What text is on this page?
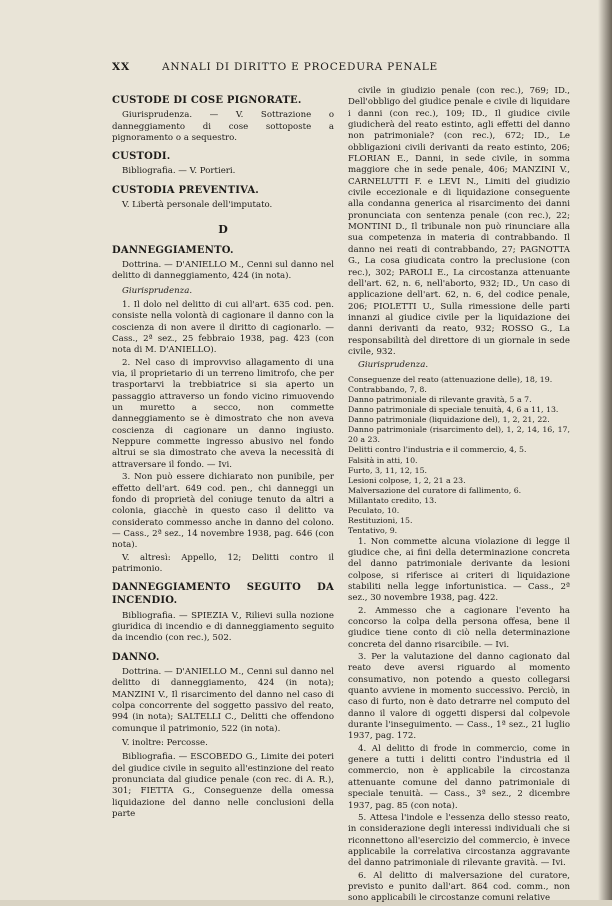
XX	ANNALI DI DIRITTO E PROCEDURA PENALE
CUSTODE DI COSE PIGNORATE.
Giurisprudenza. — V. Sottrazione o danneggiamento di cose sottoposte a pignoramento o a sequestro.
CUSTODI.
Bibliografia. — V. Portieri.
CUSTODIA PREVENTIVA.
V. Libertà personale dell'imputato.
D
DANNEGGIAMENTO.
Dottrina. — D'ANIELLO M., Cenni sul danno nel delitto di danneggiamento, 424 (in nota).
Giurisprudenza.
1. Il dolo nel delitto di cui all'art. 635 cod. pen. consiste nella volontà di cagionare il danno con la coscienza di non avere il diritto di cagionarlo. — Cass., 2ª sez., 25 febbraio 1938, pag. 423 (con nota di M. D'ANIELLO).
2. Nel caso di improvviso allagamento di una via, il proprietario di un terreno limitrofo, che per trasportarvi la trebbiatrice si sia aperto un passaggio attraverso un fondo vicino rimuovendo un muretto a secco, non commette danneggiamento se è dimostrato che non aveva coscienza di cagionare un danno ingiusto. Neppure commette ingresso abusivo nel fondo altrui se sia dimostrato che aveva la necessità di attraversare il fondo. — Ivi.
3. Non può essere dichiarato non punibile, per effetto dell'art. 649 cod. pen., chi danneggi un fondo di proprietà del coniuge tenuto da altri a colonia, giacchè in questo caso il delitto va considerato commesso anche in danno del colono. — Cass., 2ª sez., 14 novembre 1938, pag. 646 (con nota).
V. altresì: Appello, 12; Delitti contro il patrimonio.
DANNEGGIAMENTO SEGUITO DA INCENDIO.
Bibliografia. — SPIEZIA V., Rilievi sulla nozione giuridica di incendio e di danneggiamento seguito da incendio (con rec.), 502.
DANNO.
Dottrina. — D'ANIELLO M., Cenni sul danno nel delitto di danneggiamento, 424 (in nota); MANZINI V., Il risarcimento del danno nel caso di colpa concorrente del soggetto passivo del reato, 994 (in nota); SALTELLI C., Delitti che offendono comunque il patrimonio, 522 (in nota).
V. inoltre: Percosse.
Bibliografia. — ESCOBEDO G., Limite dei poteri del giudice civile in seguito all'estinzione del reato pronunciata dal giudice penale (con rec. di A. R.), 301; FIETTA G., Conseguenze della omessa liquidazione del danno nelle conclusioni della parte
civile in giudizio penale (con rec.), 769; ID., Dell'obbligo del giudice penale e civile di liquidare i danni (con rec.), 109; ID., Il giudice civile giudicherà del reato estinto, agli effetti del danno non patrimoniale? (con rec.), 672; ID., Le obbligazioni civili derivanti da reato estinto, 206; FLORIAN E., Danni, in sede civile, in somma maggiore che in sede penale, 406; MANZINI V., CARNELUTTI F. e LEVI N., Limiti del giudizio civile eccezionale e di liquidazione conseguente alla condanna generica al risarcimento dei danni pronunciata con sentenza penale (con rec.), 22; MONTINI D., Il tribunale non può rinunciare alla sua competenza in materia di contrabbando. Il danno nei reati di contrabbando, 27; PAGNOTTA G., La cosa giudicata contro la preclusione (con rec.), 302; PAROLI E., La circostanza attenuante dell'art. 62, n. 6, nell'aborto, 932; ID., Un caso di applicazione dell'art. 62, n. 6, del codice penale, 206; PIOLETTI U., Sulla rimessione delle parti innanzi al giudice civile per la liquidazione dei danni derivanti da reato, 932; ROSSO G., La responsabilità del direttore di un giornale in sede civile, 932.
Giurisprudenza.
Conseguenze del reato (attenuazione delle), 18, 19.
Contrabbando, 7, 8.
Danno patrimoniale di rilevante gravità, 5 a 7.
Danno patrimoniale di speciale tenuità, 4, 6 a 11, 13.
Danno patrimoniale (liquidazione del), 1, 2, 21, 22.
Danno patrimoniale (risarcimento del), 1, 2, 14, 16, 17, 20 a 23.
Delitti contro l'industria e il commercio, 4, 5.
Falsità in atti, 10.
Furto, 3, 11, 12, 15.
Lesioni colpose, 1, 2, 21 a 23.
Malversazione del curatore di fallimento, 6.
Millantato credito, 13.
Peculato, 10.
Restituzioni, 15.
Tentativo, 9.
1. Non commette alcuna violazione di legge il giudice che, ai fini della determinazione concreta del danno patrimoniale derivante da lesioni colpose, si riferisce ai criteri di liquidazione stabiliti nella legge infortunistica. — Cass., 2ª sez., 30 novembre 1938, pag. 422.
2. Ammesso che a cagionare l'evento ha concorso la colpa della persona offesa, bene il giudice tiene conto di ciò nella determinazione concreta del danno risarcibile. — Ivi.
3. Per la valutazione del danno cagionato dal reato deve aversi riguardo al momento consumativo, non potendo a questo collegarsi quanto avviene in momento successivo. Perciò, in caso di furto, non è dato detrarre nel computo del danno il valore di oggetti dispersi dal colpevole durante l'inseguimento. — Cass., 1ª sez., 21 luglio 1937, pag. 172.
4. Al delitto di frode in commercio, come in genere a tutti i delitti contro l'industria ed il commercio, non è applicabile la circostanza attenuante comune del danno patrimoniale di speciale tenuità. — Cass., 3ª sez., 2 dicembre 1937, pag. 85 (con nota).
5. Attesa l'indole e l'essenza dello stesso reato, in considerazione degli interessi individuali che si riconnettono all'esercizio del commercio, è invece applicabile la correlativa circostanza aggravante del danno patrimoniale di rilevante gravità. — Ivi.
6. Al delitto di malversazione del curatore, previsto e punito dall'art. 864 cod. comm., non sono applicabili le circostanze comuni relative
